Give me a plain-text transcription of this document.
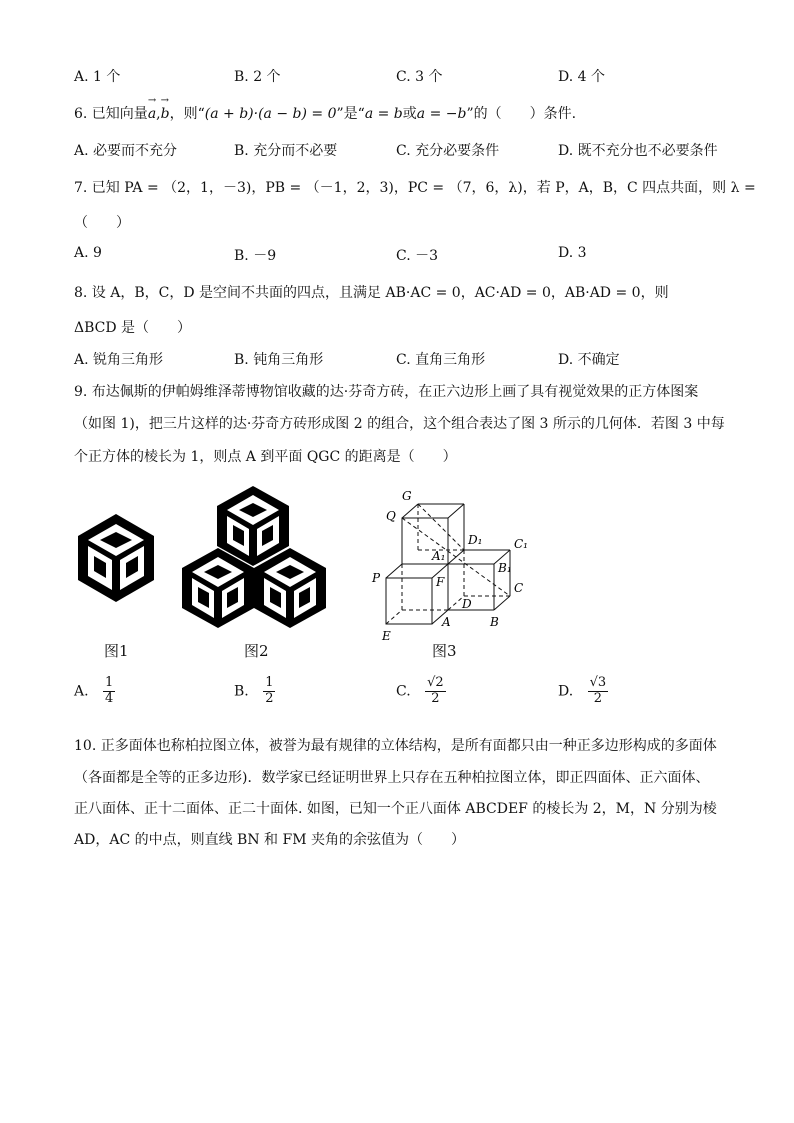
A. 1 个	B. 2 个	C. 3 个	D. 4 个
6. 已知向量→ a,→ b，则“(a + b)·(a − b) = 0”是“a = b或a = −b”的（　　）条件.
A. 必要而不充分	B. 充分而不必要	C. 充分必要条件	D. 既不充分也不必要条件
7. 已知 PA = （2，1，－3)，PB = （－1，2，3)，PC = （7，6，λ)，若 P，A，B，C 四点共面，则 λ =
（　　）
A. 9	B. －9	C. －3	D. 3
8. 设 A，B，C，D 是空间不共面的四点，且满足 AB·AC = 0，AC·AD = 0，AB·AD = 0，则
ΔBCD 是（　　）
A. 锐角三角形	B. 钝角三角形	C. 直角三角形	D. 不确定
9. 布达佩斯的伊帕姆维泽蒂博物馆收藏的达·芬奇方砖，在正六边形上画了具有视觉效果的正方体图案
（如图 1)，把三片这样的达·芬奇方砖形成图 2 的组合，这个组合表达了图 3 所示的几何体．若图 3 中每
个正方体的棱长为 1，则点 A 到平面 QGC 的距离是（　　）
图1	图2
G
Q
D₁	C₁
A₁
B₁
P	F	C
D
E
A	B
图3
A. $\frac{1}{4}$	B. $\frac{1}{2}$	C. $\frac{√2}{2}$	D. $\frac{√3}{2}$
10. 正多面体也称柏拉图立体，被誉为最有规律的立体结构，是所有面都只由一种正多边形构成的多面体
（各面都是全等的正多边形)．数学家已经证明世界上只存在五种柏拉图立体，即正四面体、正六面体、
正八面体、正十二面体、正二十面体. 如图，已知一个正八面体 ABCDEF 的棱长为 2，M，N 分别为棱
AD，AC 的中点，则直线 BN 和 FM 夹角的余弦值为（　　）
